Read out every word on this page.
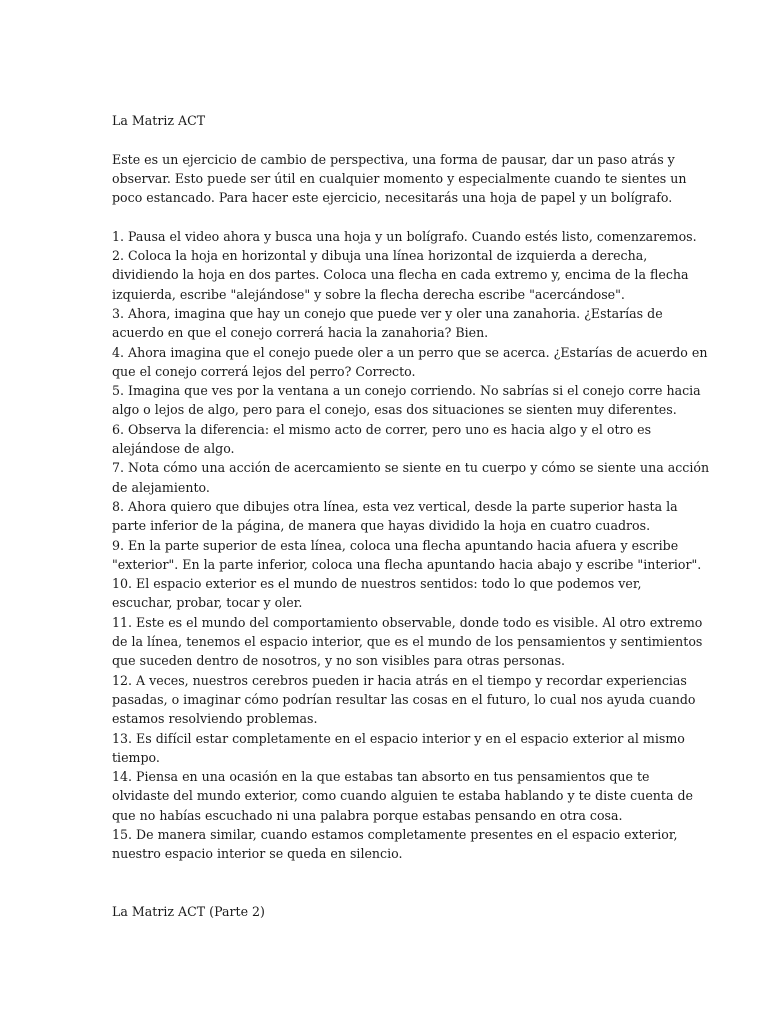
La Matriz ACT
Este es un ejercicio de cambio de perspectiva, una forma de pausar, dar un paso atrás y
observar. Esto puede ser útil en cualquier momento y especialmente cuando te sientes un
poco estancado. Para hacer este ejercicio, necesitarás una hoja de papel y un bolígrafo.
1. Pausa el video ahora y busca una hoja y un bolígrafo. Cuando estés listo, comenzaremos.
2. Coloca la hoja en horizontal y dibuja una línea horizontal de izquierda a derecha,
dividiendo la hoja en dos partes. Coloca una flecha en cada extremo y, encima de la flecha
izquierda, escribe "alejándose" y sobre la flecha derecha escribe "acercándose".
3. Ahora, imagina que hay un conejo que puede ver y oler una zanahoria. ¿Estarías de
acuerdo en que el conejo correrá hacia la zanahoria? Bien.
4. Ahora imagina que el conejo puede oler a un perro que se acerca. ¿Estarías de acuerdo en
que el conejo correrá lejos del perro? Correcto.
5. Imagina que ves por la ventana a un conejo corriendo. No sabrías si el conejo corre hacia
algo o lejos de algo, pero para el conejo, esas dos situaciones se sienten muy diferentes.
6. Observa la diferencia: el mismo acto de correr, pero uno es hacia algo y el otro es
alejándose de algo.
7. Nota cómo una acción de acercamiento se siente en tu cuerpo y cómo se siente una acción
de alejamiento.
8. Ahora quiero que dibujes otra línea, esta vez vertical, desde la parte superior hasta la
parte inferior de la página, de manera que hayas dividido la hoja en cuatro cuadros.
9. En la parte superior de esta línea, coloca una flecha apuntando hacia afuera y escribe
"exterior". En la parte inferior, coloca una flecha apuntando hacia abajo y escribe "interior".
10. El espacio exterior es el mundo de nuestros sentidos: todo lo que podemos ver,
escuchar, probar, tocar y oler.
11. Este es el mundo del comportamiento observable, donde todo es visible. Al otro extremo
de la línea, tenemos el espacio interior, que es el mundo de los pensamientos y sentimientos
que suceden dentro de nosotros, y no son visibles para otras personas.
12. A veces, nuestros cerebros pueden ir hacia atrás en el tiempo y recordar experiencias
pasadas, o imaginar cómo podrían resultar las cosas en el futuro, lo cual nos ayuda cuando
estamos resolviendo problemas.
13. Es difícil estar completamente en el espacio interior y en el espacio exterior al mismo
tiempo.
14. Piensa en una ocasión en la que estabas tan absorto en tus pensamientos que te
olvidaste del mundo exterior, como cuando alguien te estaba hablando y te diste cuenta de
que no habías escuchado ni una palabra porque estabas pensando en otra cosa.
15. De manera similar, cuando estamos completamente presentes en el espacio exterior,
nuestro espacio interior se queda en silencio.
La Matriz ACT (Parte 2)
